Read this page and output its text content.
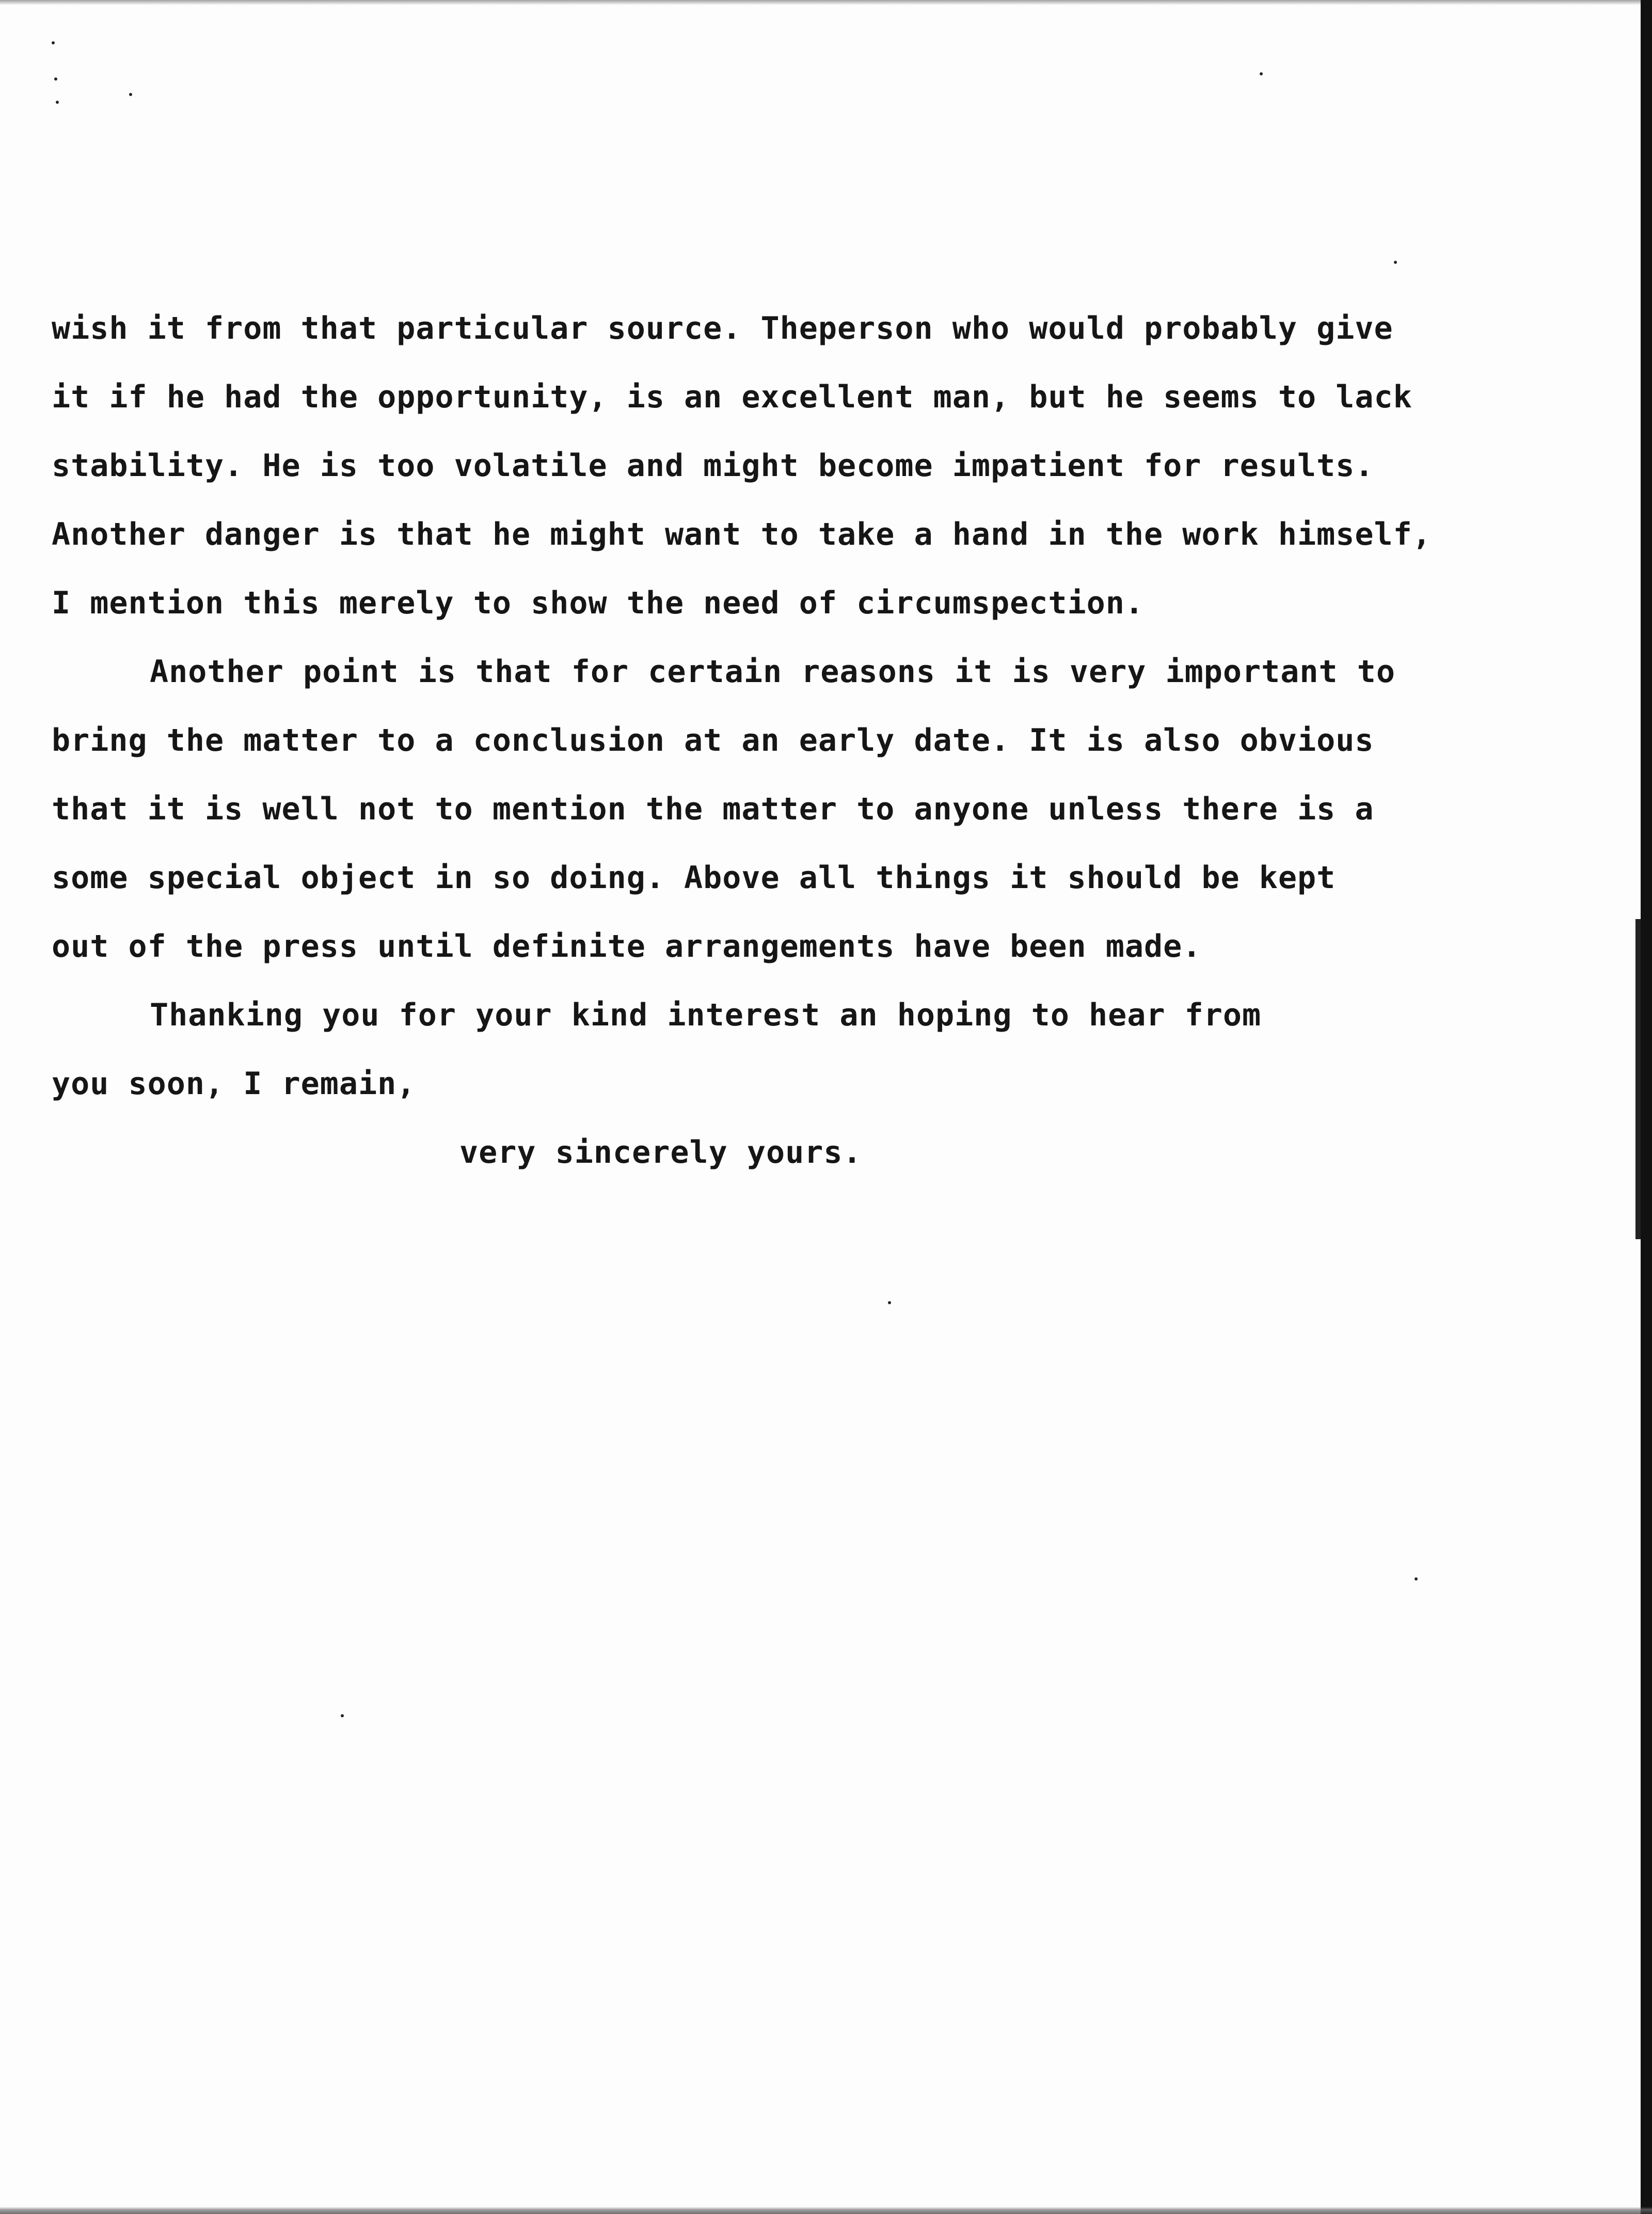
wish it from that particular source. Theperson who would probably give
it if he had the opportunity, is an excellent man, but he seems to lack
stability. He is too volatile and might become impatient for results.
Another danger is that he might want to take a hand in the work himself,
I mention this merely to show the need of circumspection.
Another point is that for certain reasons it is very important to
bring the matter to a conclusion at an early date. It is also obvious
that it is well not to mention the matter to anyone unless there is a
some special object in so doing. Above all things it should be kept
out of the press until definite arrangements have been made.
Thanking you for your kind interest an hoping to hear from
you soon, I remain,
very sincerely yours.
